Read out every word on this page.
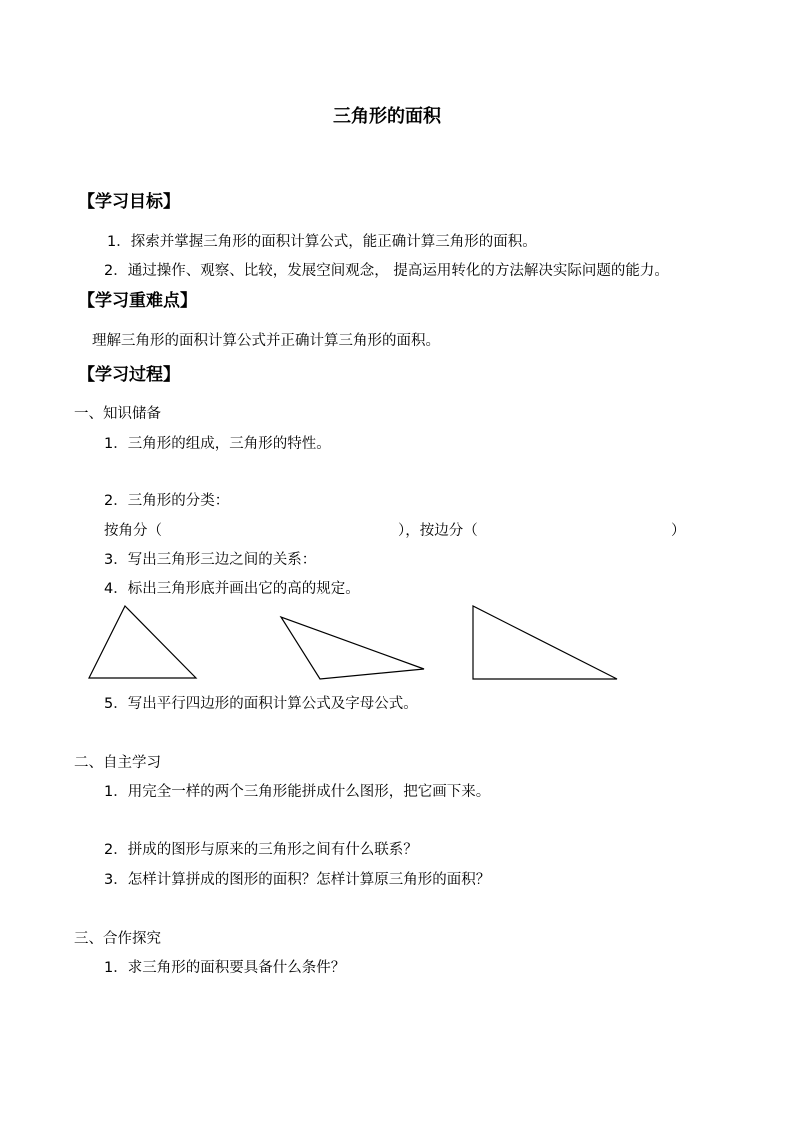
三角形的面积
【学习目标】
1．探索并掌握三角形的面积计算公式，能正确计算三角形的面积。
2．通过操作、观察、比较，发展空间观念， 提高运用转化的方法解决实际问题的能力。
【学习重难点】
理解三角形的面积计算公式并正确计算三角形的面积。
【学习过程】
一、知识储备
1．三角形的组成，三角形的特性。
2．三角形的分类：
按角分（	），按边分（	）
3．写出三角形三边之间的关系：
4．标出三角形底并画出它的高的规定。
5．写出平行四边形的面积计算公式及字母公式。
二、自主学习
1．用完全一样的两个三角形能拼成什么图形，把它画下来。
2．拼成的图形与原来的三角形之间有什么联系？
3．怎样计算拼成的图形的面积？怎样计算原三角形的面积？
三、合作探究
1．求三角形的面积要具备什么条件？
